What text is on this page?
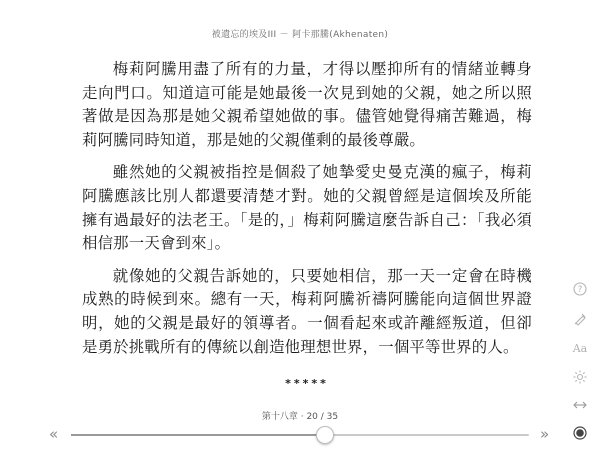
被遺忘的埃及III － 阿卡那騰(Akhenaten)

梅莉阿騰用盡了所有的力量，才得以壓抑所有的情緒並轉身走向門口。知道這可能是她最後一次見到她的父親，她之所以照著做是因為那是她父親希望她做的事。儘管她覺得痛苦難過，梅莉阿騰同時知道，那是她的父親僅剩的最後尊嚴。

雖然她的父親被指控是個殺了她摯愛史曼克漢的瘋子，梅莉阿騰應該比別人都還要清楚才對。她的父親曾經是這個埃及所能擁有過最好的法老王。「是的，」梅莉阿騰這麼告訴自己：「我必須相信那一天會到來」。

就像她的父親告訴她的，只要她相信，那一天一定會在時機成熟的時候到來。總有一天，梅莉阿騰祈禱阿騰能向這個世界證明，她的父親是最好的領導者。一個看起來或許離經叛道，但卻是勇於挑戰所有的傳統以創造他理想世界，一個平等世界的人。

*****
第十八章 · 20 / 35
«	»
?
Aa
